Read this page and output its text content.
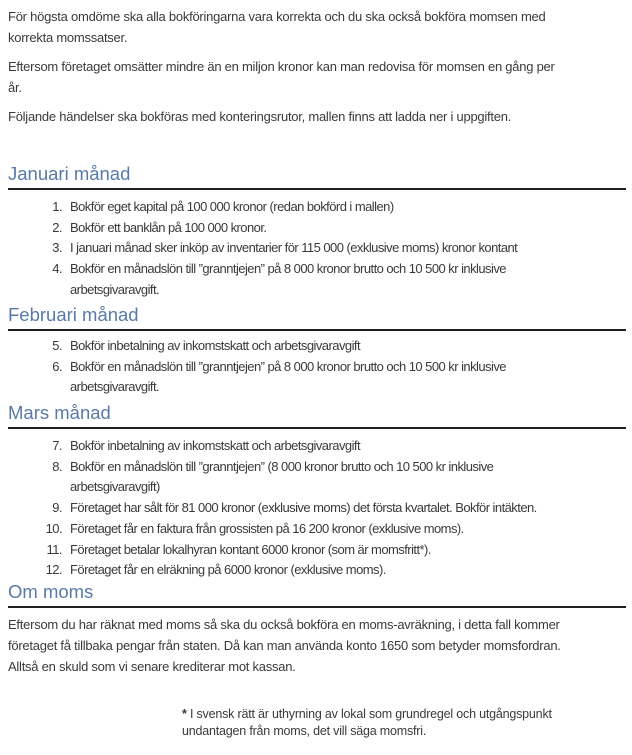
För högsta omdöme ska alla bokföringarna vara korrekta och du ska också bokföra momsen med
korrekta momssatser.
Eftersom företaget omsätter mindre än en miljon kronor kan man redovisa för momsen en gång per
år.
Följande händelser ska bokföras med konteringsrutor, mallen finns att ladda ner i uppgiften.
Januari månad
1. Bokför eget kapital på 100 000 kronor (redan bokförd i mallen)
2. Bokför ett banklån på 100 000 kronor.
3. I januari månad sker inköp av inventarier för 115 000 (exklusive moms) kronor kontant
4. Bokför en månadslön till ”granntjejen” på 8 000 kronor brutto och 10 500 kr inklusive
arbetsgivaravgift.
Februari månad
5. Bokför inbetalning av inkomstskatt och arbetsgivaravgift
6. Bokför en månadslön till ”granntjejen” på 8 000 kronor brutto och 10 500 kr inklusive
arbetsgivaravgift.
Mars månad
7. Bokför inbetalning av inkomstskatt och arbetsgivaravgift
8. Bokför en månadslön till ”granntjejen” (8 000 kronor brutto och 10 500 kr inklusive
arbetsgivaravgift)
9. Företaget har sålt för 81 000 kronor (exklusive moms) det första kvartalet. Bokför intäkten.
10. Företaget får en faktura från grossisten på 16 200 kronor (exklusive moms).
11. Företaget betalar lokalhyran kontant 6000 kronor (som är momsfritt*).
12. Företaget får en elräkning på 6000 kronor (exklusive moms).
Om moms
Eftersom du har räknat med moms så ska du också bokföra en moms-avräkning, i detta fall kommer
företaget få tillbaka pengar från staten. Då kan man använda konto 1650 som betyder momsfordran.
Alltså en skuld som vi senare krediterar mot kassan.
* I svensk rätt är uthyrning av lokal som grundregel och utgångspunkt
undantagen från moms, det vill säga momsfri.
